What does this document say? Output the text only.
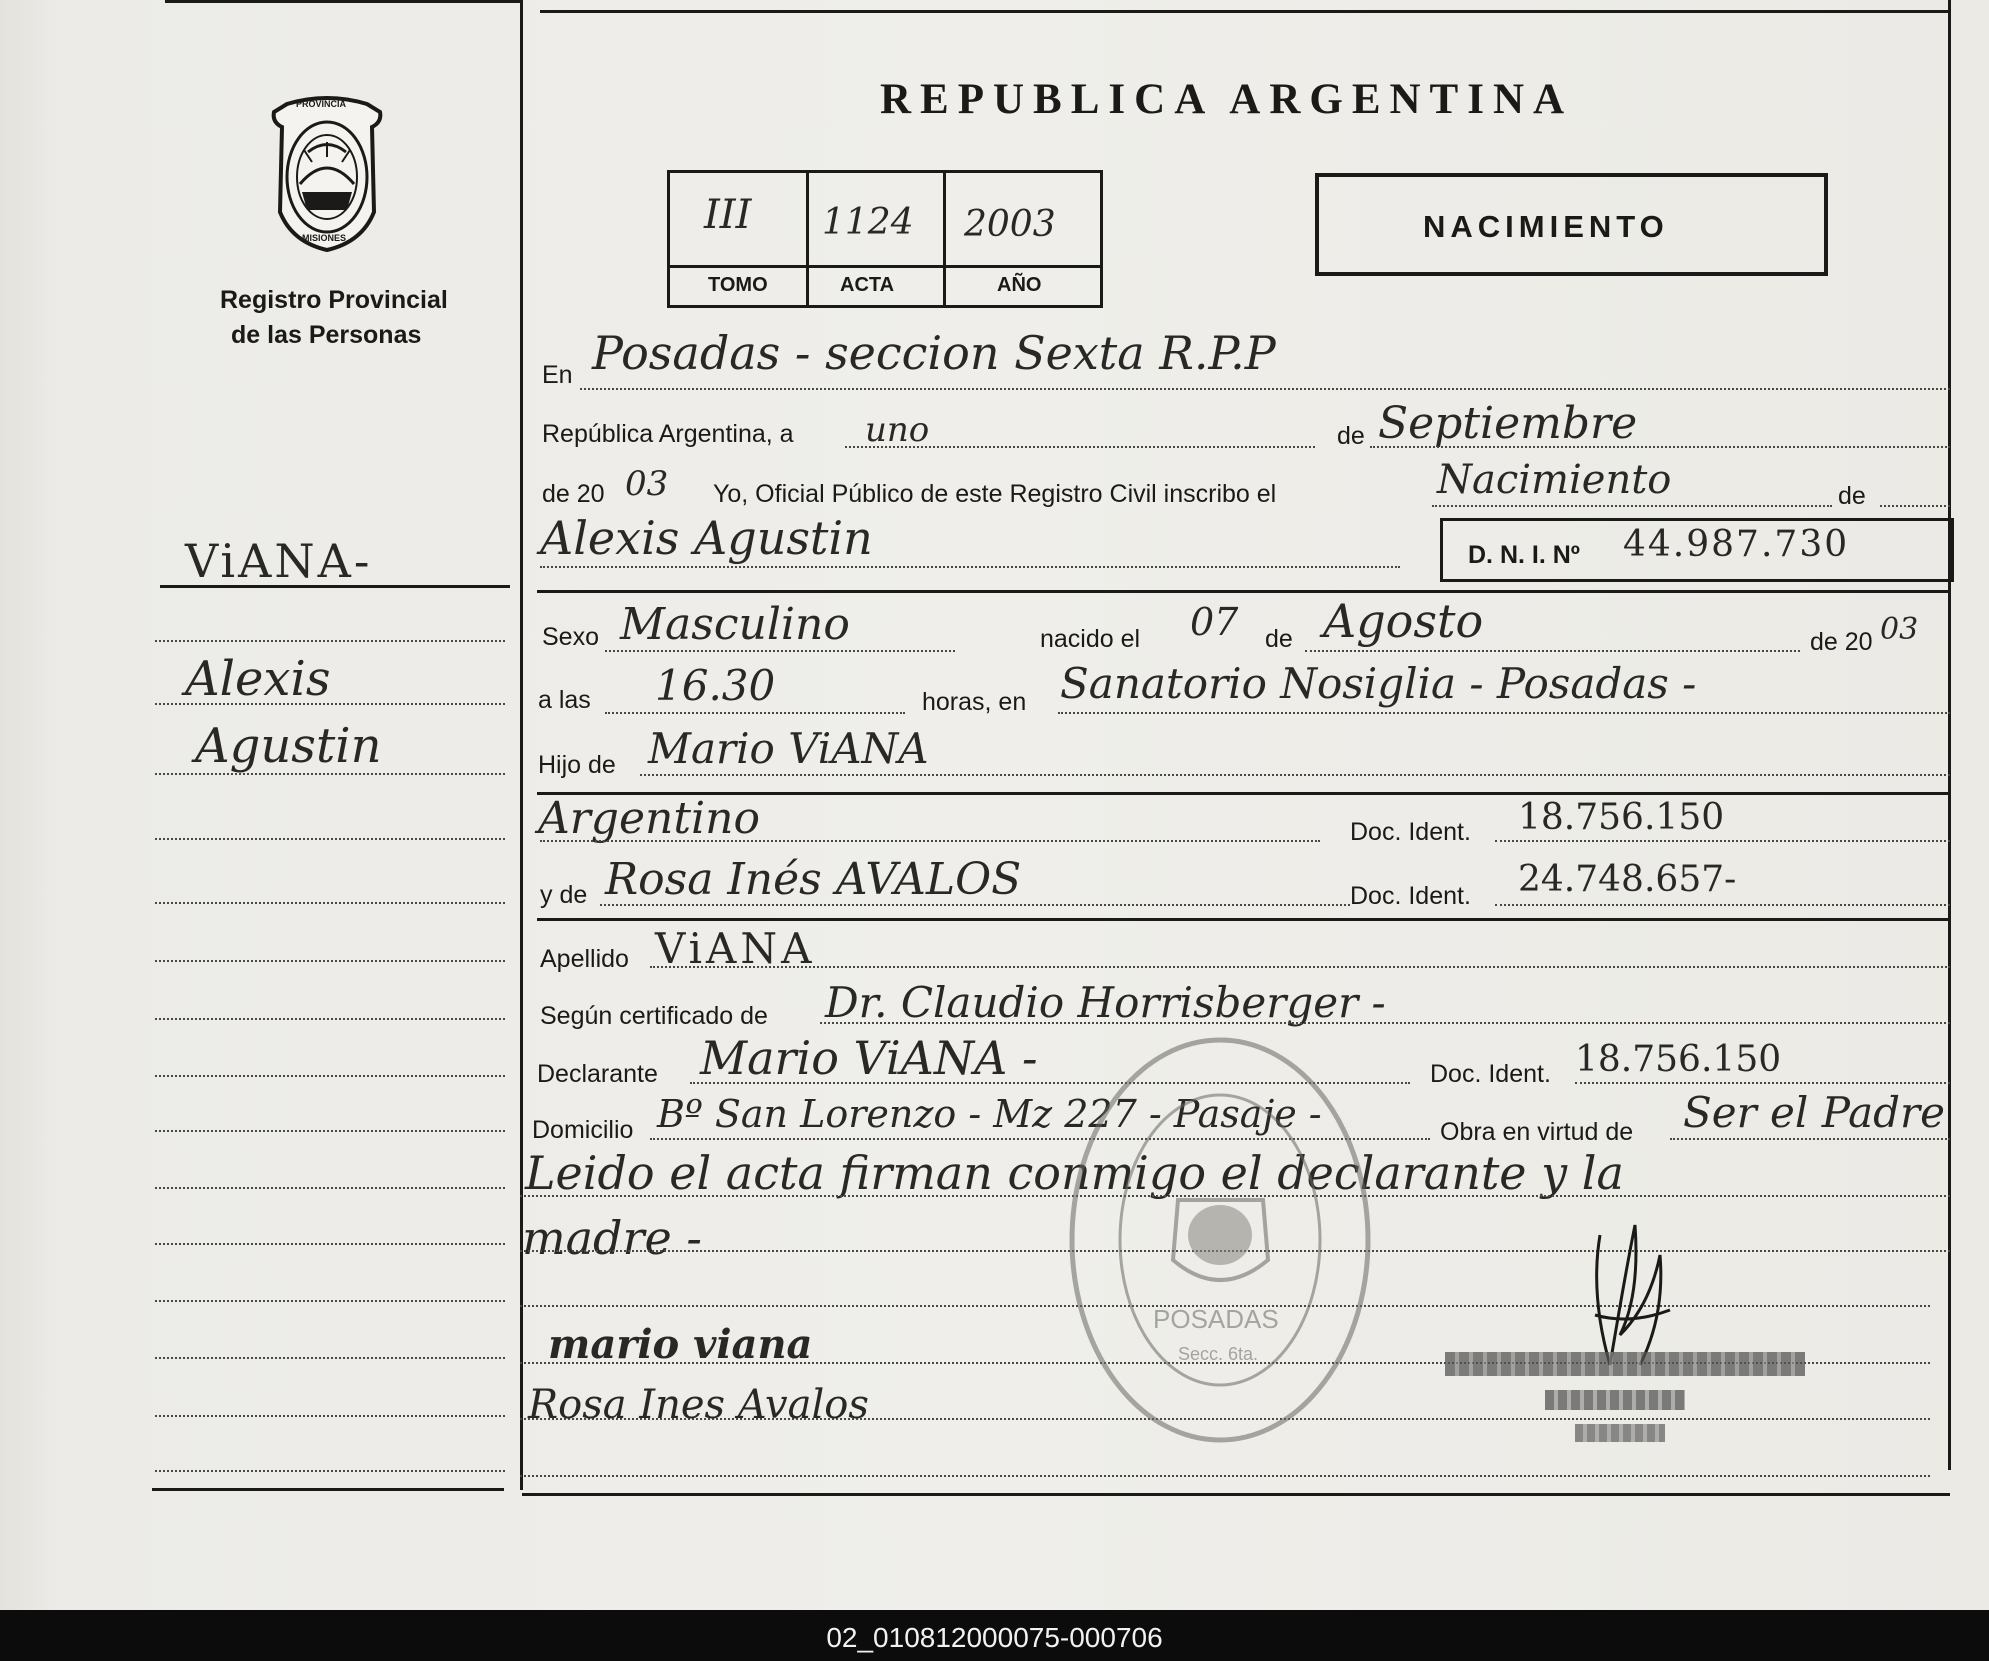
PROVINCIA
MISIONES
Registro Provincial
de las Personas
REPUBLICA ARGENTINA
III 1124 2003
TOMO	ACTA	AÑO
NACIMIENTO
ViANA-
Alexis
Agustin
En Posadas - seccion Sexta R.P.P
República Argentina, a uno	de Septiembre
de 20 03 Yo, Oficial Público de este Registro Civil inscribo el	Nacimiento	de
Alexis Agustin	D. N. I. Nº 44.987.730
Sexo Masculino	nacido el 07 de Agosto	de 20 03
a las 16.30	horas, en Sanatorio Nosiglia - Posadas -
Hijo de Mario ViANA
Argentino	Doc. Ident. 18.756.150
y de Rosa Inés AVALOS	Doc. Ident. 24.748.657-
Apellido ViANA
Según certificado de Dr. Claudio Horrisberger -
Declarante Mario ViANA -	Doc. Ident. 18.756.150
Domicilio Bº San Lorenzo - Mz 227 - Pasaje -	Obra en virtud de Ser el Padre
Leido el acta firman conmigo el declarante y la
madre -
mario viana
Rosa Ines Avalos
POSADAS
Secc. 6ta.
02_010812000075-000706
